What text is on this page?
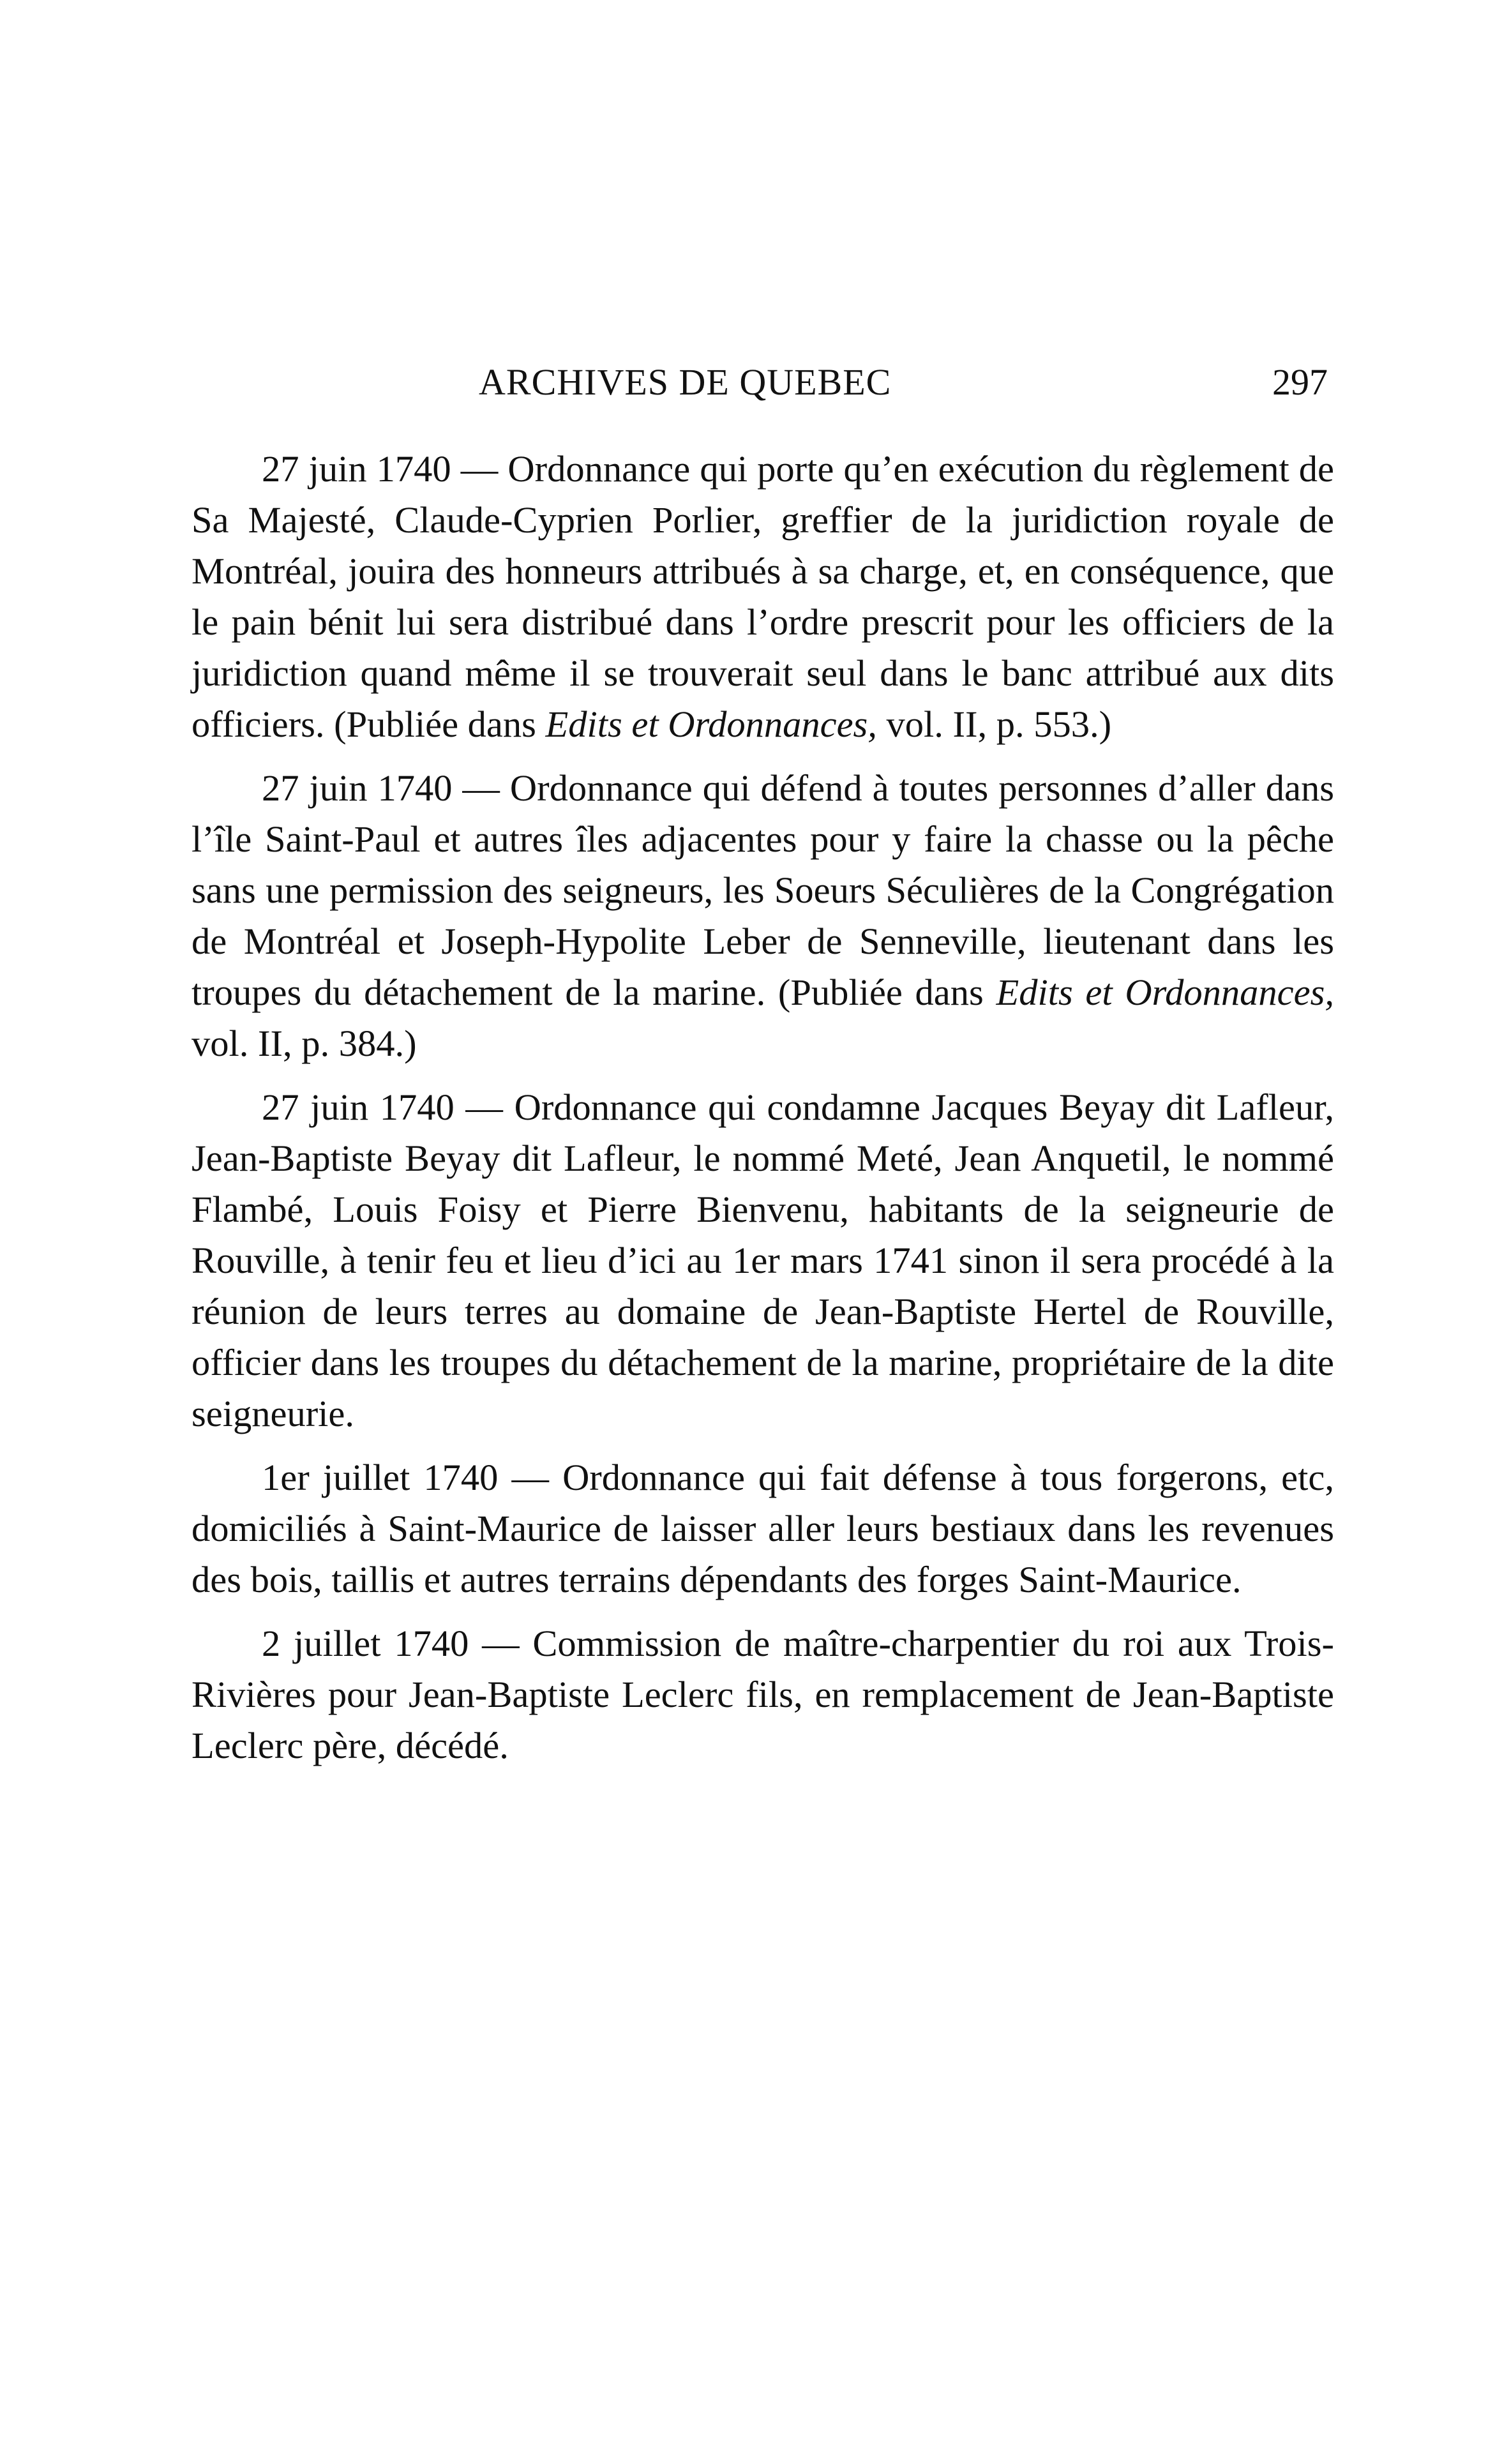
ARCHIVES DE QUEBEC	297

27 juin 1740 — Ordonnance qui porte qu’en exécution du règlement de Sa Majesté, Claude-Cyprien Porlier, greffier de la juridiction royale de Montréal, jouira des honneurs attribués à sa charge, et, en conséquence, que le pain bénit lui sera distribué dans l’ordre prescrit pour les officiers de la juridiction quand même il se trouverait seul dans le banc attribué aux dits officiers. (Publiée dans Edits et Ordonnances, vol. II, p. 553.)

27 juin 1740 — Ordonnance qui défend à toutes personnes d’aller dans l’île Saint-Paul et autres îles adjacentes pour y faire la chasse ou la pêche sans une permission des seigneurs, les Soeurs Séculières de la Congrégation de Montréal et Joseph-Hypolite Leber de Senneville, lieutenant dans les troupes du détachement de la marine. (Publiée dans Edits et Ordonnances, vol. II, p. 384.)

27 juin 1740 — Ordonnance qui condamne Jacques Beyay dit Lafleur, Jean-Baptiste Beyay dit Lafleur, le nommé Meté, Jean Anquetil, le nommé Flambé, Louis Foisy et Pierre Bienvenu, habitants de la seigneurie de Rouville, à tenir feu et lieu d’ici au 1er mars 1741 sinon il sera procédé à la réunion de leurs terres au domaine de Jean-Baptiste Hertel de Rouville, officier dans les troupes du détachement de la marine, propriétaire de la dite seigneurie.

1er juillet 1740 — Ordonnance qui fait défense à tous forgerons, etc, domiciliés à Saint-Maurice de laisser aller leurs bestiaux dans les revenues des bois, taillis et autres terrains dépendants des forges Saint-Maurice.

2 juillet 1740 — Commission de maître-charpentier du roi aux Trois-Rivières pour Jean-Baptiste Leclerc fils, en remplacement de Jean-Baptiste Leclerc père, décédé.
